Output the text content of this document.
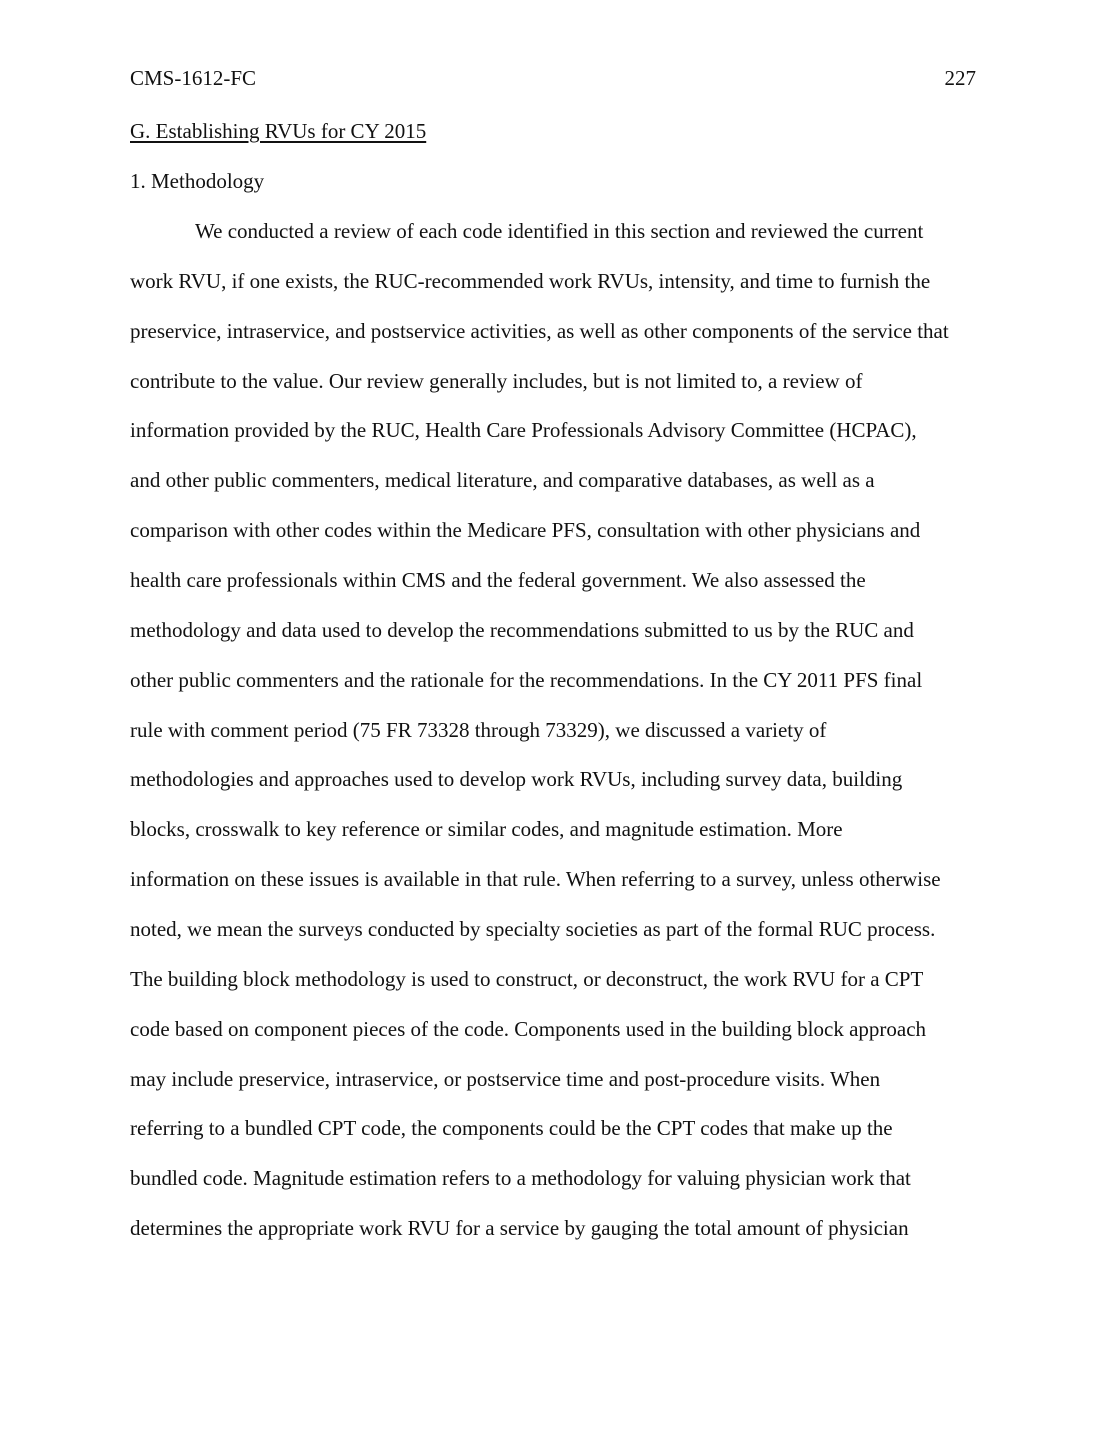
CMS-1612-FC	227
G. Establishing RVUs for CY 2015
1. Methodology
We conducted a review of each code identified in this section and reviewed the current
work RVU, if one exists, the RUC-recommended work RVUs, intensity, and time to furnish the
preservice, intraservice, and postservice activities, as well as other components of the service that
contribute to the value. Our review generally includes, but is not limited to, a review of
information provided by the RUC, Health Care Professionals Advisory Committee (HCPAC),
and other public commenters, medical literature, and comparative databases, as well as a
comparison with other codes within the Medicare PFS, consultation with other physicians and
health care professionals within CMS and the federal government. We also assessed the
methodology and data used to develop the recommendations submitted to us by the RUC and
other public commenters and the rationale for the recommendations. In the CY 2011 PFS final
rule with comment period (75 FR 73328 through 73329), we discussed a variety of
methodologies and approaches used to develop work RVUs, including survey data, building
blocks, crosswalk to key reference or similar codes, and magnitude estimation. More
information on these issues is available in that rule. When referring to a survey, unless otherwise
noted, we mean the surveys conducted by specialty societies as part of the formal RUC process.
The building block methodology is used to construct, or deconstruct, the work RVU for a CPT
code based on component pieces of the code. Components used in the building block approach
may include preservice, intraservice, or postservice time and post-procedure visits. When
referring to a bundled CPT code, the components could be the CPT codes that make up the
bundled code. Magnitude estimation refers to a methodology for valuing physician work that
determines the appropriate work RVU for a service by gauging the total amount of physician
